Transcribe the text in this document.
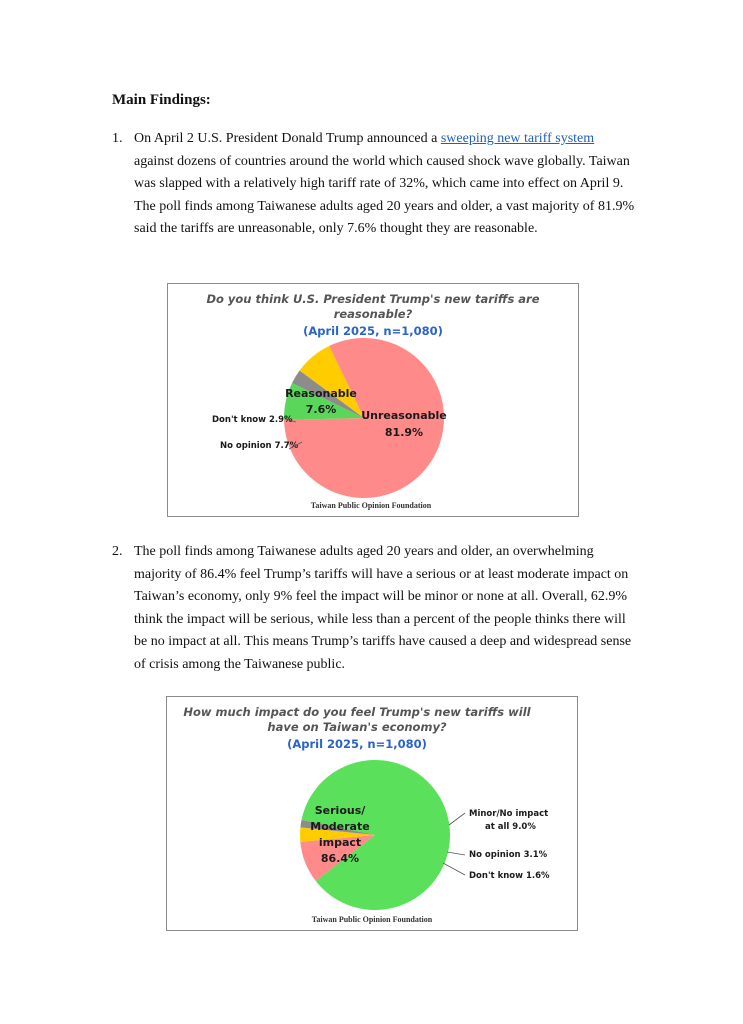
Main Findings:
1. On April 2 U.S. President Donald Trump announced a sweeping new tariff system against dozens of countries around the world which caused shock wave globally. Taiwan was slapped with a relatively high tariff rate of 32%, which came into effect on April 9. The poll finds among Taiwanese adults aged 20 years and older, a vast majority of 81.9% said the tariffs are unreasonable, only 7.6% thought they are reasonable.
Do you think U.S. President Trump's new tariffs are
reasonable?
(April 2025, n=1,080)
Unreasonable
81.9%
Reasonable
7.6%
Don't know 2.9%
No opinion 7.7%
Taiwan Public Opinion Foundation
2. The poll finds among Taiwanese adults aged 20 years and older, an overwhelming majority of 86.4% feel Trump’s tariffs will have a serious or at least moderate impact on Taiwan’s economy, only 9% feel the impact will be minor or none at all. Overall, 62.9% think the impact will be serious, while less than a percent of the people thinks there will be no impact at all. This means Trump’s tariffs have caused a deep and widespread sense of crisis among the Taiwanese public.
How much impact do you feel Trump's new tariffs will
have on Taiwan's economy?
(April 2025, n=1,080)
Serious/
Moderate
impact
86.4%
Minor/No impact
at all 9.0%
No opinion 3.1%
Don't know 1.6%
Taiwan Public Opinion Foundation
